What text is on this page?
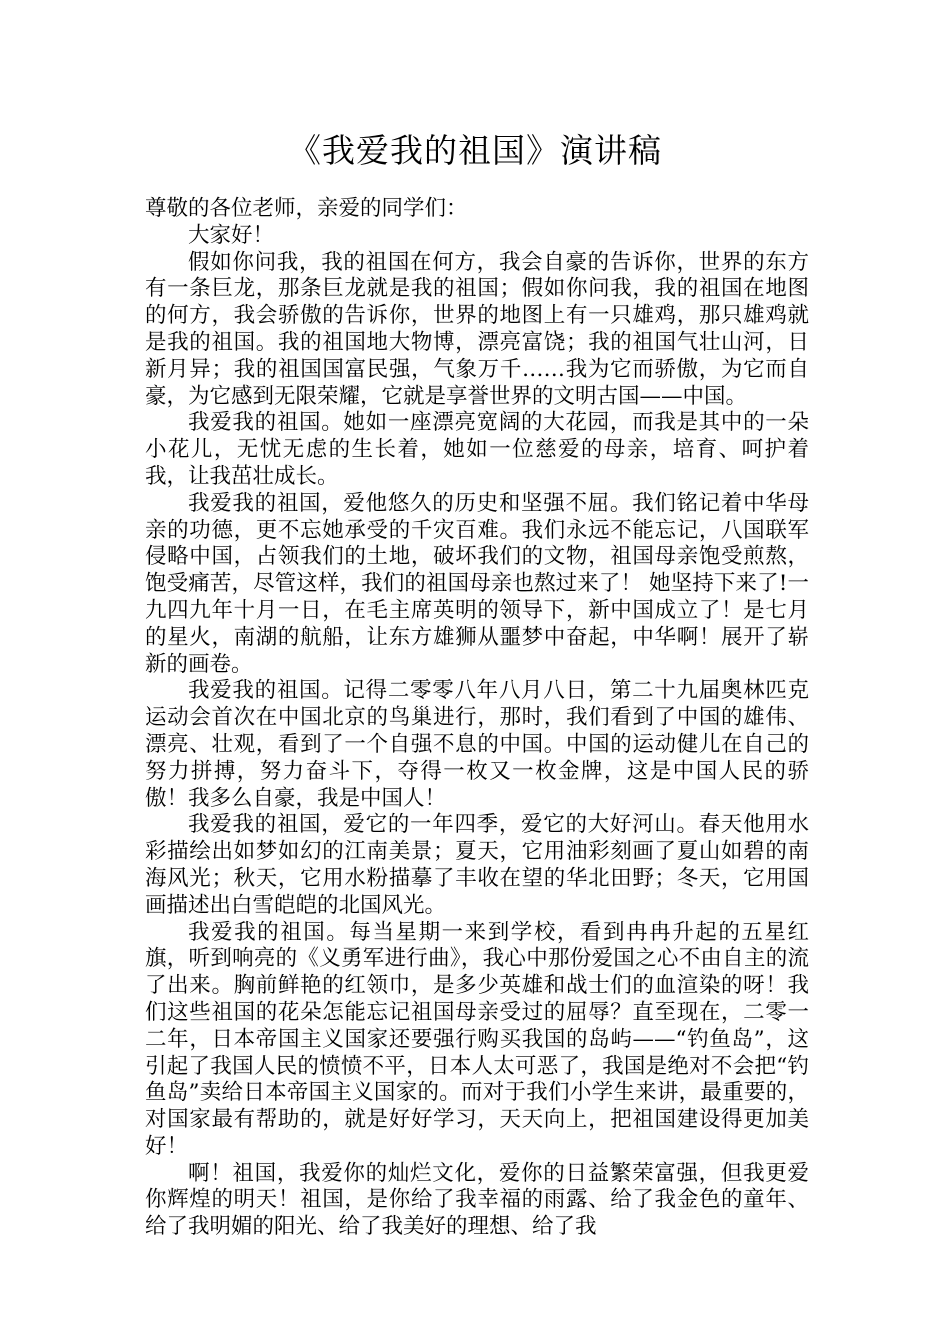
《我爱我的祖国》演讲稿

尊敬的各位老师，亲爱的同学们：

大家好！

假如你问我，我的祖国在何方，我会自豪的告诉你，世界的东方有一条巨龙，那条巨龙就是我的祖国；假如你问我，我的祖国在地图的何方，我会骄傲的告诉你，世界的地图上有一只雄鸡，那只雄鸡就是我的祖国。我的祖国地大物博，漂亮富饶；我的祖国气壮山河，日新月异；我的祖国国富民强，气象万千……我为它而骄傲，为它而自豪，为它感到无限荣耀，它就是享誉世界的文明古国——中国。

我爱我的祖国。她如一座漂亮宽阔的大花园，而我是其中的一朵小花儿，无忧无虑的生长着，她如一位慈爱的母亲，培育、呵护着我，让我茁壮成长。

我爱我的祖国，爱他悠久的历史和坚强不屈。我们铭记着中华母亲的功德，更不忘她承受的千灾百难。我们永远不能忘记，八国联军侵略中国，占领我们的土地，破坏我们的文物，祖国母亲饱受煎熬，饱受痛苦，尽管这样，我们的祖国母亲也熬过来了！ 她坚持下来了!一九四九年十月一日，在毛主席英明的领导下，新中国成立了！是七月的星火，南湖的航船，让东方雄狮从噩梦中奋起，中华啊！展开了崭新的画卷。

我爱我的祖国。记得二零零八年八月八日，第二十九届奥林匹克运动会首次在中国北京的鸟巢进行，那时，我们看到了中国的雄伟、漂亮、壮观，看到了一个自强不息的中国。中国的运动健儿在自己的努力拼搏，努力奋斗下，夺得一枚又一枚金牌，这是中国人民的骄傲！我多么自豪，我是中国人！

我爱我的祖国，爱它的一年四季，爱它的大好河山。春天他用水彩描绘出如梦如幻的江南美景；夏天，它用油彩刻画了夏山如碧的南海风光；秋天，它用水粉描摹了丰收在望的华北田野；冬天，它用国画描述出白雪皑皑的北国风光。

我爱我的祖国。每当星期一来到学校，看到冉冉升起的五星红旗，听到响亮的《义勇军进行曲》，我心中那份爱国之心不由自主的流了出来。胸前鲜艳的红领巾，是多少英雄和战士们的血渲染的呀！我们这些祖国的花朵怎能忘记祖国母亲受过的屈辱？直至现在，二零一二年，日本帝国主义国家还要强行购买我国的岛屿——“钓鱼岛”，这引起了我国人民的愤愤不平，日本人太可恶了，我国是绝对不会把“钓鱼岛”卖给日本帝国主义国家的。而对于我们小学生来讲，最重要的，对国家最有帮助的，就是好好学习，天天向上，把祖国建设得更加美好！

啊！祖国，我爱你的灿烂文化，爱你的日益繁荣富强，但我更爱你辉煌的明天！祖国，是你给了我幸福的雨露、给了我金色的童年、给了我明媚的阳光、给了我美好的理想、给了我
